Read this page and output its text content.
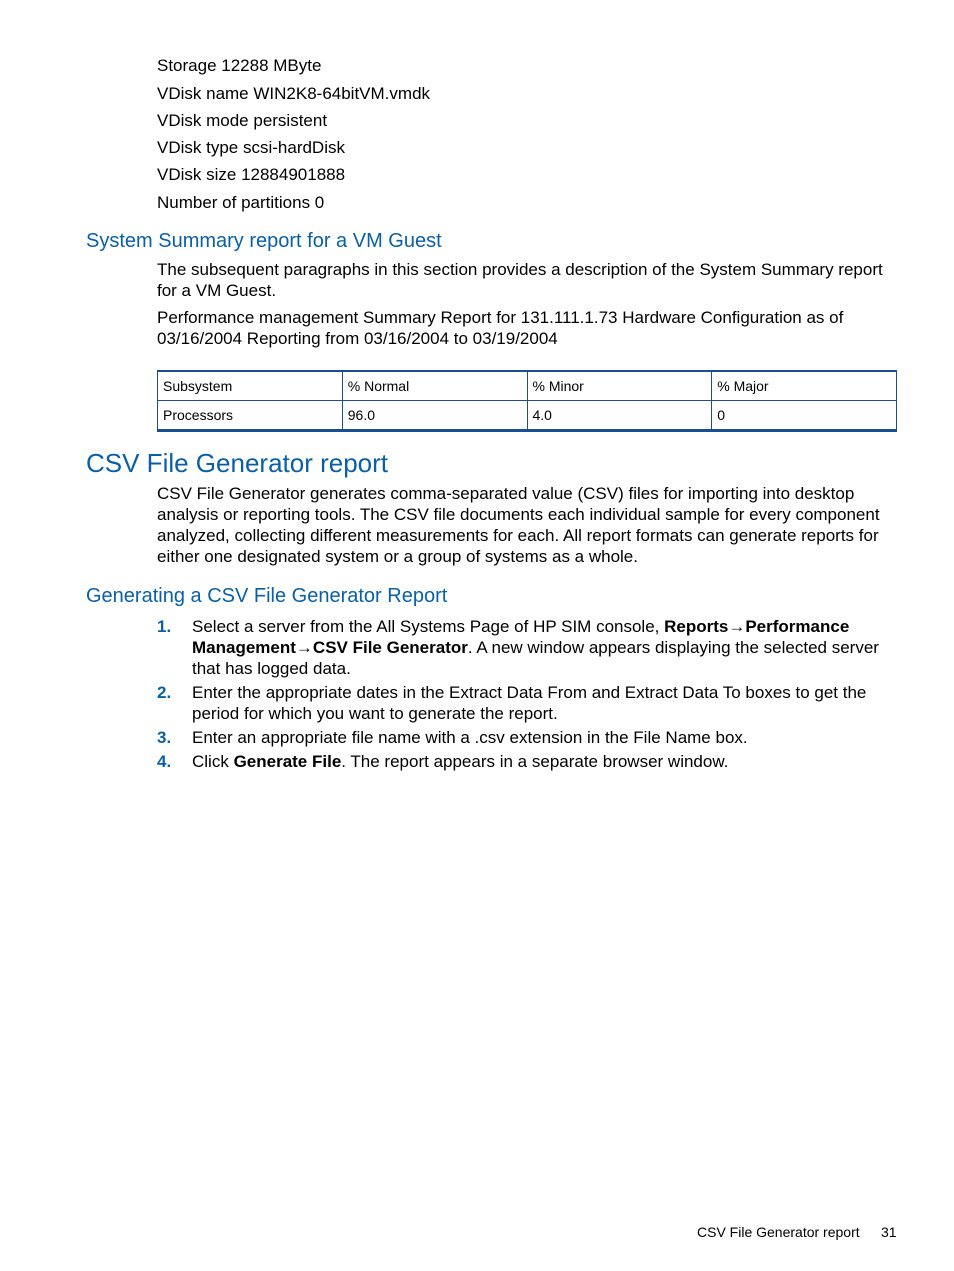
Storage 12288 MByte
VDisk name WIN2K8-64bitVM.vmdk
VDisk mode persistent
VDisk type scsi-hardDisk
VDisk size 12884901888
Number of partitions 0
System Summary report for a VM Guest
The subsequent paragraphs in this section provides a description of the System Summary report for a VM Guest.
Performance management Summary Report for 131.111.1.73 Hardware Configuration as of 03/16/2004 Reporting from 03/16/2004 to 03/19/2004
Subsystem	% Normal	% Minor	% Major
Processors	96.0	4.0	0
CSV File Generator report
CSV File Generator generates comma-separated value (CSV) files for importing into desktop analysis or reporting tools. The CSV file documents each individual sample for every component analyzed, collecting different measurements for each. All report formats can generate reports for either one designated system or a group of systems as a whole.
Generating a CSV File Generator Report
1. Select a server from the All Systems Page of HP SIM console, Reports→Performance Management→CSV File Generator. A new window appears displaying the selected server that has logged data.
2. Enter the appropriate dates in the Extract Data From and Extract Data To boxes to get the period for which you want to generate the report.
3. Enter an appropriate file name with a .csv extension in the File Name box.
4. Click Generate File. The report appears in a separate browser window.
CSV File Generator report 31
